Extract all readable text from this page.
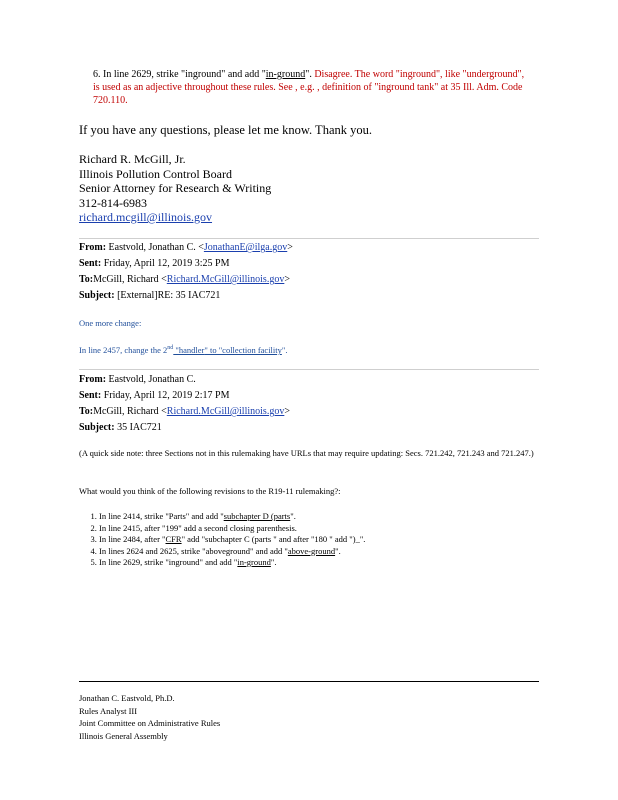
6. In line 2629, strike "inground" and add "in-ground". Disagree. The word "inground", like "underground", is used as an adjective throughout these rules. See , e.g. , definition of "inground tank" at 35 Ill. Adm. Code 720.110.
If you have any questions, please let me know. Thank you.
Richard R. McGill, Jr.
Illinois Pollution Control Board
Senior Attorney for Research & Writing
312-814-6983
richard.mcgill@illinois.gov
From: Eastvold, Jonathan C. <JonathanE@ilga.gov>
Sent: Friday, April 12, 2019 3:25 PM
To:McGill, Richard <Richard.McGill@illinois.gov>
Subject: [External]RE: 35 IAC721
One more change:
In line 2457, change the 2nd "handler" to "collection facility".
From: Eastvold, Jonathan C.
Sent: Friday, April 12, 2019 2:17 PM
To:McGill, Richard <Richard.McGill@illinois.gov>
Subject: 35 IAC721
(A quick side note: three Sections not in this rulemaking have URLs that may require updating: Secs. 721.242, 721.243 and 721.247.)
What would you think of the following revisions to the R19-11 rulemaking?:
1. In line 2414, strike "Parts" and add "subchapter D (parts".
2. In line 2415, after "199" add a second closing parenthesis.
3. In line 2484, after "CFR" add "subchapter C (parts " and after "180 " add ")_".
4. In lines 2624 and 2625, strike "aboveground" and add "above-ground".
5. In line 2629, strike "inground" and add "in-ground".
Jonathan C. Eastvold, Ph.D.
Rules Analyst III
Joint Committee on Administrative Rules
Illinois General Assembly
